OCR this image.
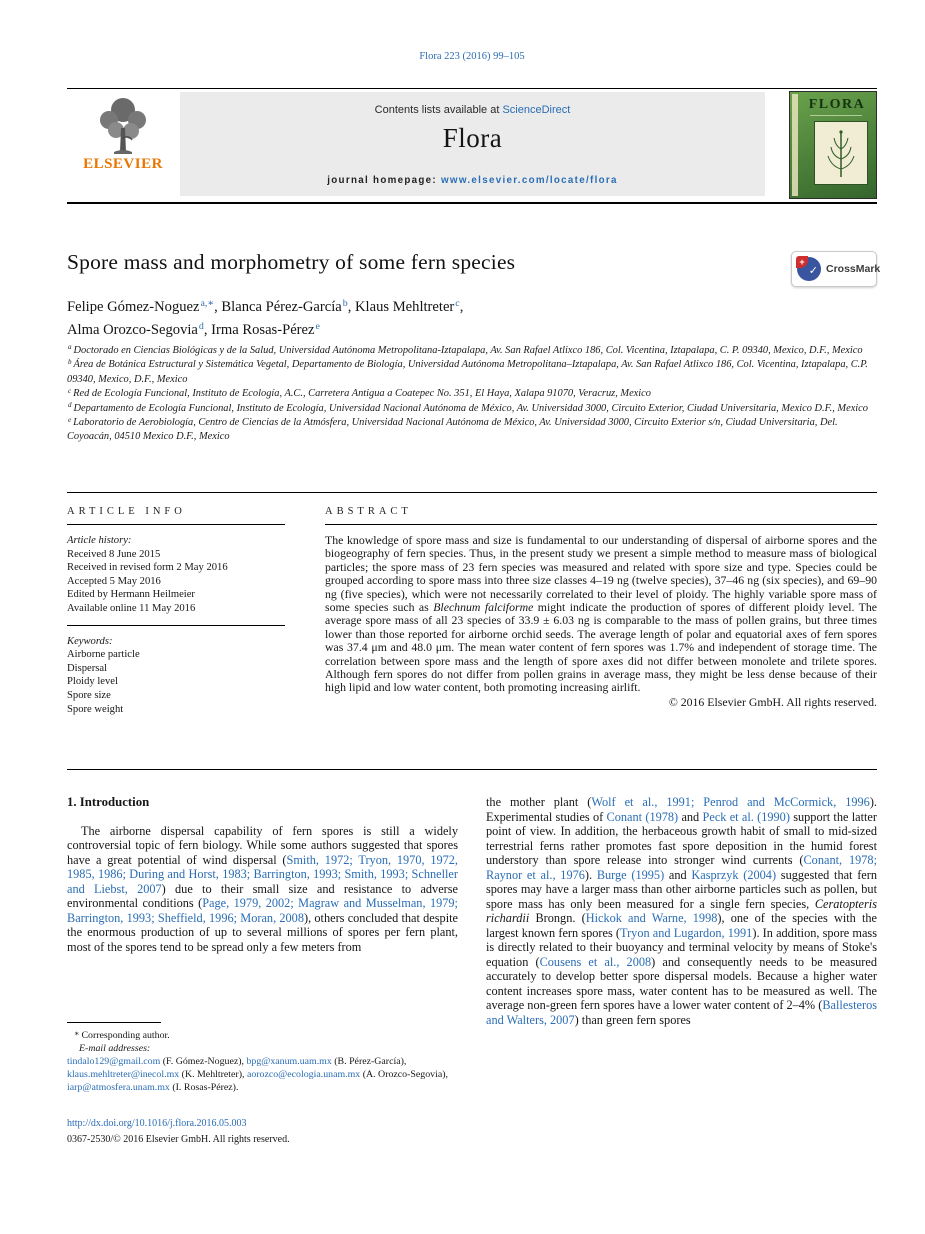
Flora 223 (2016) 99–105
ELSEVIER
Contents lists available at ScienceDirect
Flora
journal homepage: www.elsevier.com/locate/flora
FLORA
Spore mass and morphometry of some fern species	+
✓ CrossMark
Felipe Gómez-Noguez$^{a,∗}$, Blanca Pérez-García$^b$, Klaus Mehltreter$^c$,
Alma Orozco-Segovia$^d$, Irma Rosas-Pérez$^e$
$^a$ Doctorado en Ciencias Biológicas y de la Salud, Universidad Autónoma Metropolitana-Iztapalapa, Av. San Rafael Atlixco 186, Col. Vicentina, Iztapalapa, C. P. 09340, Mexico, D.F., Mexico
$^b$ Área de Botánica Estructural y Sistemática Vegetal, Departamento de Biología, Universidad Autónoma Metropolitana–Iztapalapa, Av. San Rafael Atlixco 186, Col. Vicentina, Iztapalapa, C.P. 09340, Mexico, D.F., Mexico
$^c$ Red de Ecología Funcional, Instituto de Ecología, A.C., Carretera Antigua a Coatepec No. 351, El Haya, Xalapa 91070, Veracruz, Mexico
$^d$ Departamento de Ecología Funcional, Instituto de Ecología, Universidad Nacional Autónoma de México, Av. Universidad 3000, Circuito Exterior, Ciudad Universitaria, Mexico D.F., Mexico
$^e$ Laboratorio de Aerobiología, Centro de Ciencias de la Atmósfera, Universidad Nacional Autónoma de México, Av. Universidad 3000, Circuito Exterior s/n, Ciudad Universitaria, Del. Coyoacán, 04510 Mexico D.F., Mexico
ARTICLE INFO
Article history:
Received 8 June 2015
Received in revised form 2 May 2016
Accepted 5 May 2016
Edited by Hermann Heilmeier
Available online 11 May 2016
Keywords:
Airborne particle
Dispersal
Ploidy level
Spore size
Spore weight
ABSTRACT

The knowledge of spore mass and size is fundamental to our understanding of dispersal of airborne spores and the biogeography of fern species. Thus, in the present study we present a simple method to measure mass of biological particles; the spore mass of 23 fern species was measured and related with spore size and type. Species could be grouped according to spore mass into three size classes 4–19 ng (twelve species), 37–46 ng (six species), and 69–90 ng (five species), which were not necessarily correlated to their level of ploidy. The highly variable spore mass of some species such as Blechnum falciforme might indicate the production of spores of different ploidy level. The average spore mass of all 23 species of 33.9 ± 6.03 ng is comparable to the mass of pollen grains, but three times lower than those reported for airborne orchid seeds. The average length of polar and equatorial axes of fern spores was 37.4 μm and 48.0 μm. The mean water content of fern spores was 1.7% and independent of storage time. The correlation between spore mass and the length of spore axes did not differ between monolete and trilete spores. Although fern spores do not differ from pollen grains in average mass, they might be less dense because of their high lipid and low water content, both promoting increasing airlift.

© 2016 Elsevier GmbH. All rights reserved.
1. Introduction

The airborne dispersal capability of fern spores is still a widely controversial topic of fern biology. While some authors suggested that spores have a great potential of wind dispersal (Smith, 1972; Tryon, 1970, 1972, 1985, 1986; During and Horst, 1983; Barrington, 1993; Smith, 1993; Schneller and Liebst, 2007) due to their small size and resistance to adverse environmental conditions (Page, 1979, 2002; Magraw and Musselman, 1979; Barrington, 1993; Sheffield, 1996; Moran, 2008), others concluded that despite the enormous production of up to several millions of spores per fern plant, most of the spores tend to be spread only a few meters from

the mother plant (Wolf et al., 1991; Penrod and McCormick, 1996). Experimental studies of Conant (1978) and Peck et al. (1990) support the latter point of view. In addition, the herbaceous growth habit of small to mid-sized terrestrial ferns rather promotes fast spore deposition in the humid forest understory than spore release into stronger wind currents (Conant, 1978; Raynor et al., 1976). Burge (1995) and Kasprzyk (2004) suggested that fern spores may have a larger mass than other airborne particles such as pollen, but spore mass has only been measured for a single fern species, Ceratopteris richardii Brongn. (Hickok and Warne, 1998), one of the species with the largest known fern spores (Tryon and Lugardon, 1991). In addition, spore mass is directly related to their buoyancy and terminal velocity by means of Stoke's equation (Cousens et al., 2008) and consequently needs to be measured accurately to develop better spore dispersal models. Because a higher water content increases spore mass, water content has to be measured as well. The average non-green fern spores have a lower water content of 2–4% (Ballesteros and Walters, 2007) than green fern spores

∗ Corresponding author.
E-mail addresses:
tindalo129@gmail.com (F. Gómez-Noguez), bpg@xanum.uam.mx (B. Pérez-García), klaus.mehltreter@inecol.mx (K. Mehltreter), aorozco@ecologia.unam.mx (A. Orozco-Segovia), iarp@atmosfera.unam.mx (I. Rosas-Pérez).
http://dx.doi.org/10.1016/j.flora.2016.05.003
0367-2530/© 2016 Elsevier GmbH. All rights reserved.
